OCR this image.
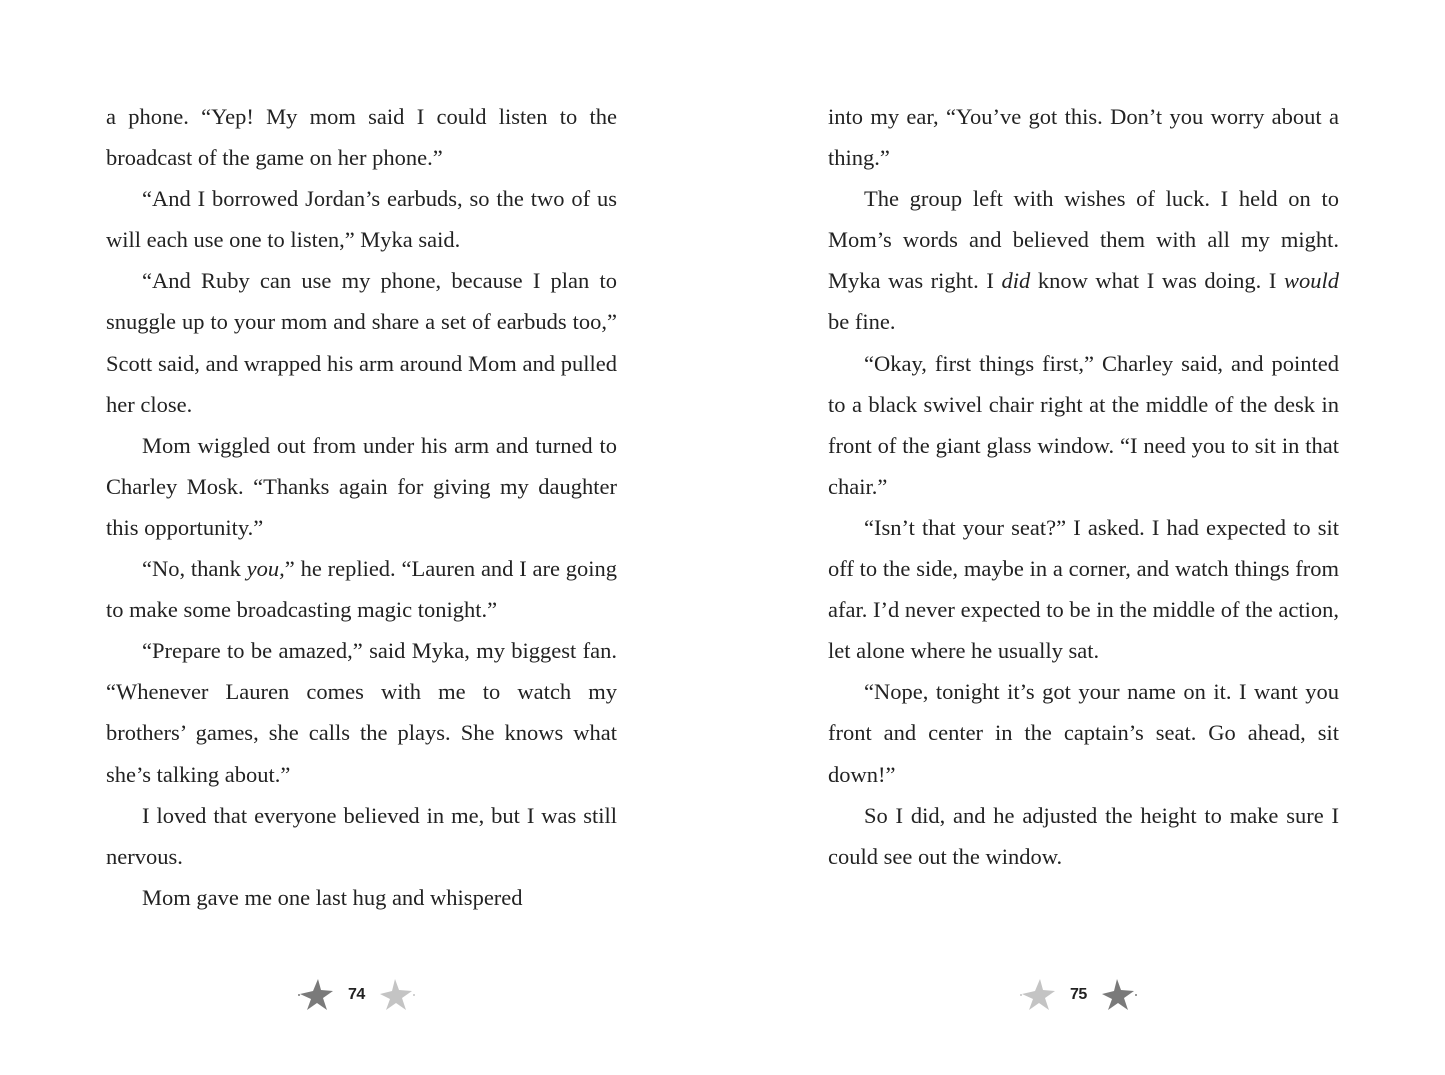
a phone. “Yep! My mom said I could listen to the broadcast of the game on her phone.”

“And I borrowed Jordan’s earbuds, so the two of us will each use one to listen,” Myka said.

“And Ruby can use my phone, because I plan to snuggle up to your mom and share a set of earbuds too,” Scott said, and wrapped his arm around Mom and pulled her close.

Mom wiggled out from under his arm and turned to Charley Mosk. “Thanks again for giving my daughter this opportunity.”

“No, thank you,” he replied. “Lauren and I are going to make some broadcasting magic tonight.”

“Prepare to be amazed,” said Myka, my biggest fan. “Whenever Lauren comes with me to watch my brothers’ games, she calls the plays. She knows what she’s talking about.”

I loved that everyone believed in me, but I was still nervous.

Mom gave me one last hug and whispered

into my ear, “You’ve got this. Don’t you worry about a thing.”

The group left with wishes of luck. I held on to Mom’s words and believed them with all my might. Myka was right. I did know what I was doing. I would be fine.

“Okay, first things first,” Charley said, and pointed to a black swivel chair right at the middle of the desk in front of the giant glass window. “I need you to sit in that chair.”

“Isn’t that your seat?” I asked. I had expected to sit off to the side, maybe in a corner, and watch things from afar. I’d never expected to be in the middle of the action, let alone where he usually sat.

“Nope, tonight it’s got your name on it. I want you front and center in the captain’s seat. Go ahead, sit down!”

So I did, and he adjusted the height to make sure I could see out the window.

74	75
